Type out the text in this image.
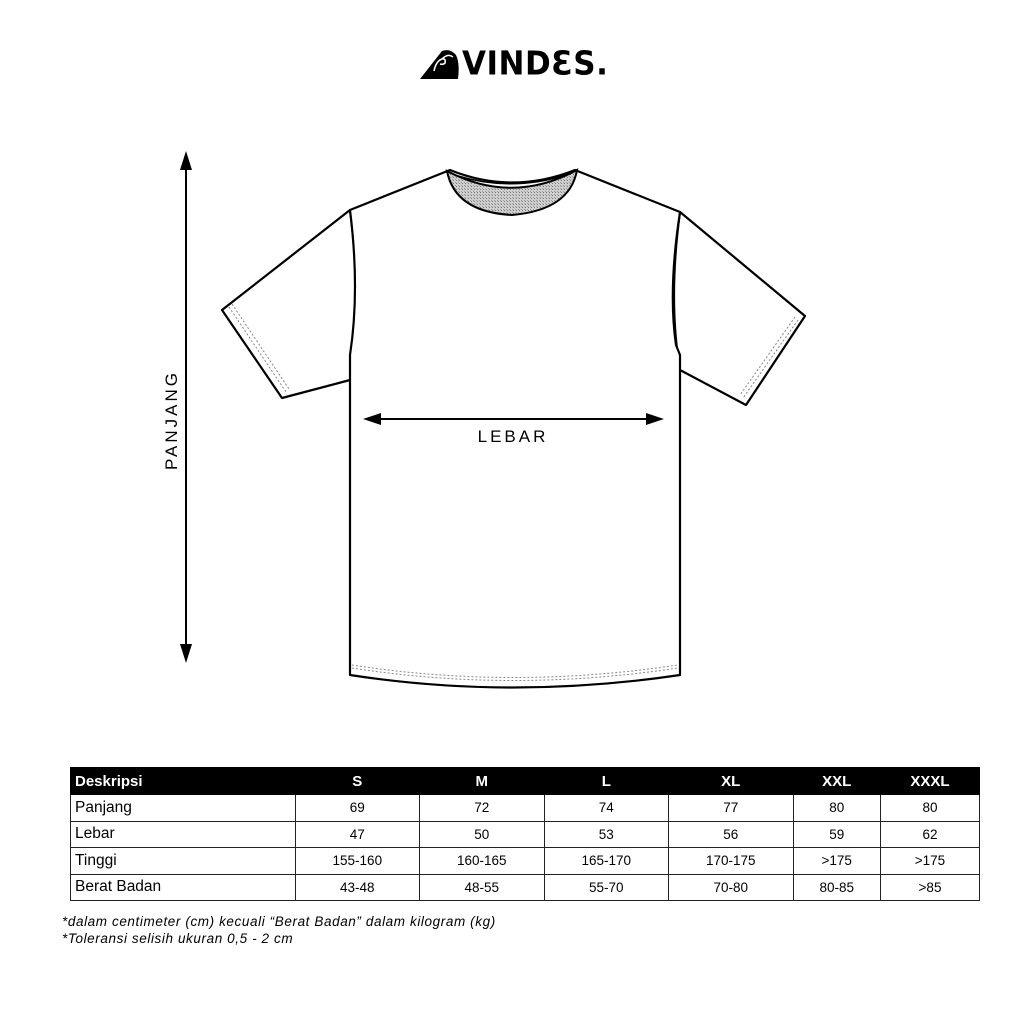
VINDƐS.
PANJANG	LEBAR
Deskripsi	S	M	L	XL	XXL	XXXL
Panjang	69	72	74	77	80	80
Lebar	47	50	53	56	59	62
Tinggi	155-160	160-165	165-170	170-175	>175	>175
Berat Badan	43-48	48-55	55-70	70-80	80-85	>85
*dalam centimeter (cm) kecuali “Berat Badan” dalam kilogram (kg)
*Toleransi selisih ukuran 0,5 - 2 cm
